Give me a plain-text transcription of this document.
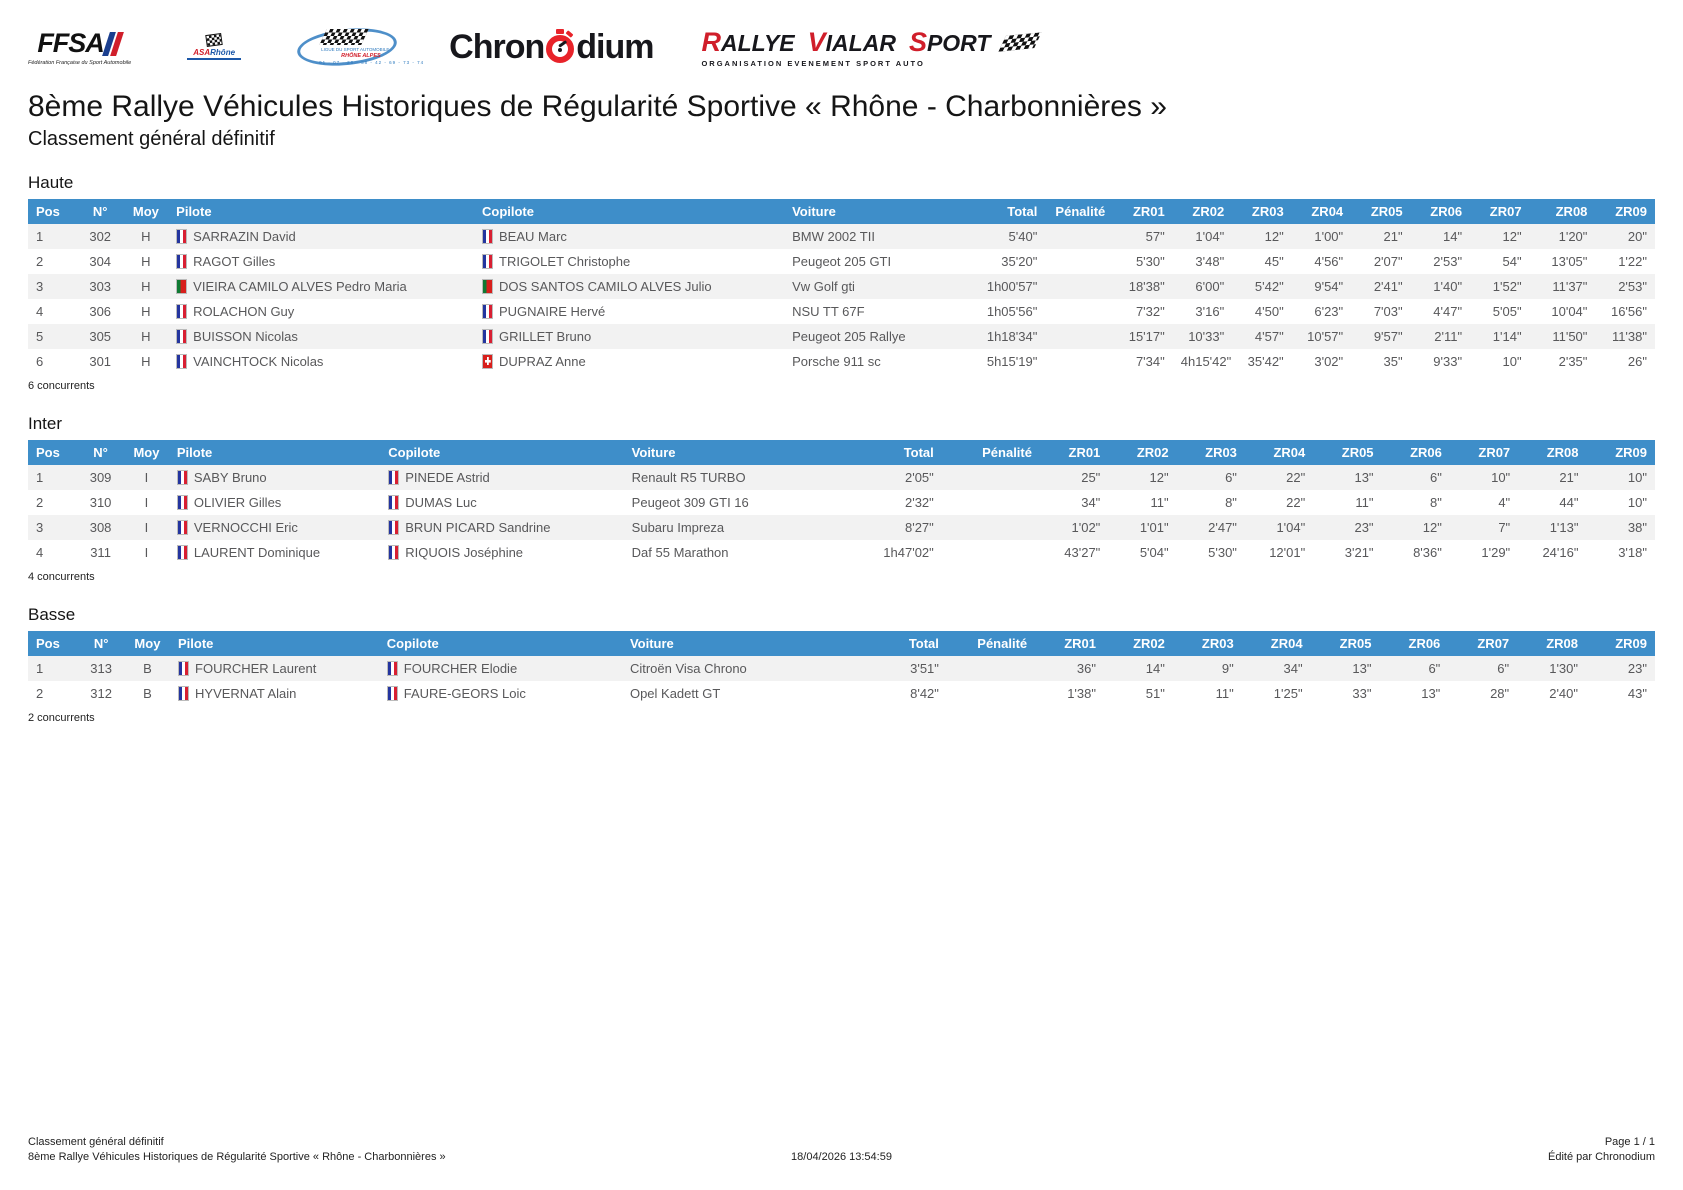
FFSA
Fédération Française du Sport Automobile
ASARhône	LIGUE DU SPORT AUTOMOBILE
RHÔNE ALPES
01 - 07 - 26 - 38 - 42 - 69 - 73 - 74 Chron dium RALLYE VIALAR SPORT
ORGANISATION EVENEMENT SPORT AUTO
8ème Rallye Véhicules Historiques de Régularité Sportive « Rhône - Charbonnières »
Classement général définitif
Haute
Pos	N°	Moy	Pilote	Copilote	Voiture	Total	Pénalité	ZR01	ZR02	ZR03	ZR04	ZR05	ZR06	ZR07	ZR08	ZR09
1	302	H	SARRAZIN David	BEAU Marc	BMW 2002 TII	5'40"		57"	1'04"	12"	1'00"	21"	14"	12"	1'20"	20"
2	304	H	RAGOT Gilles	TRIGOLET Christophe	Peugeot 205 GTI	35'20"		5'30"	3'48"	45"	4'56"	2'07"	2'53"	54"	13'05"	1'22"
3	303	H	VIEIRA CAMILO ALVES Pedro Maria	DOS SANTOS CAMILO ALVES Julio	Vw Golf gti	1h00'57"		18'38"	6'00"	5'42"	9'54"	2'41"	1'40"	1'52"	11'37"	2'53"
4	306	H	ROLACHON Guy	PUGNAIRE Hervé	NSU TT 67F	1h05'56"		7'32"	3'16"	4'50"	6'23"	7'03"	4'47"	5'05"	10'04"	16'56"
5	305	H	BUISSON Nicolas	GRILLET Bruno	Peugeot 205 Rallye	1h18'34"		15'17"	10'33"	4'57"	10'57"	9'57"	2'11"	1'14"	11'50"	11'38"
6	301	H	VAINCHTOCK Nicolas	DUPRAZ Anne	Porsche 911 sc	5h15'19"		7'34"	4h15'42"	35'42"	3'02"	35"	9'33"	10"	2'35"	26"
6 concurrents
Inter
Pos	N°	Moy	Pilote	Copilote	Voiture	Total	Pénalité	ZR01	ZR02	ZR03	ZR04	ZR05	ZR06	ZR07	ZR08	ZR09
1	309	I	SABY Bruno	PINEDE Astrid	Renault R5 TURBO	2'05"		25"	12"	6"	22"	13"	6"	10"	21"	10"
2	310	I	OLIVIER Gilles	DUMAS Luc	Peugeot 309 GTI 16	2'32"		34"	11"	8"	22"	11"	8"	4"	44"	10"
3	308	I	VERNOCCHI Eric	BRUN PICARD Sandrine	Subaru Impreza	8'27"		1'02"	1'01"	2'47"	1'04"	23"	12"	7"	1'13"	38"
4	311	I	LAURENT Dominique	RIQUOIS Joséphine	Daf 55 Marathon	1h47'02"		43'27"	5'04"	5'30"	12'01"	3'21"	8'36"	1'29"	24'16"	3'18"
4 concurrents
Basse
Pos	N°	Moy	Pilote	Copilote	Voiture	Total	Pénalité	ZR01	ZR02	ZR03	ZR04	ZR05	ZR06	ZR07	ZR08	ZR09
1	313	B	FOURCHER Laurent	FOURCHER Elodie	Citroën Visa Chrono	3'51"		36"	14"	9"	34"	13"	6"	6"	1'30"	23"
2	312	B	HYVERNAT Alain	FAURE-GEORS Loic	Opel Kadett GT	8'42"		1'38"	51"	11"	1'25"	33"	13"	28"	2'40"	43"
2 concurrents
Classement général définitif	Page 1 / 1
8ème Rallye Véhicules Historiques de Régularité Sportive « Rhône - Charbonnières »	18/04/2026 13:54:59	Édité par Chronodium
